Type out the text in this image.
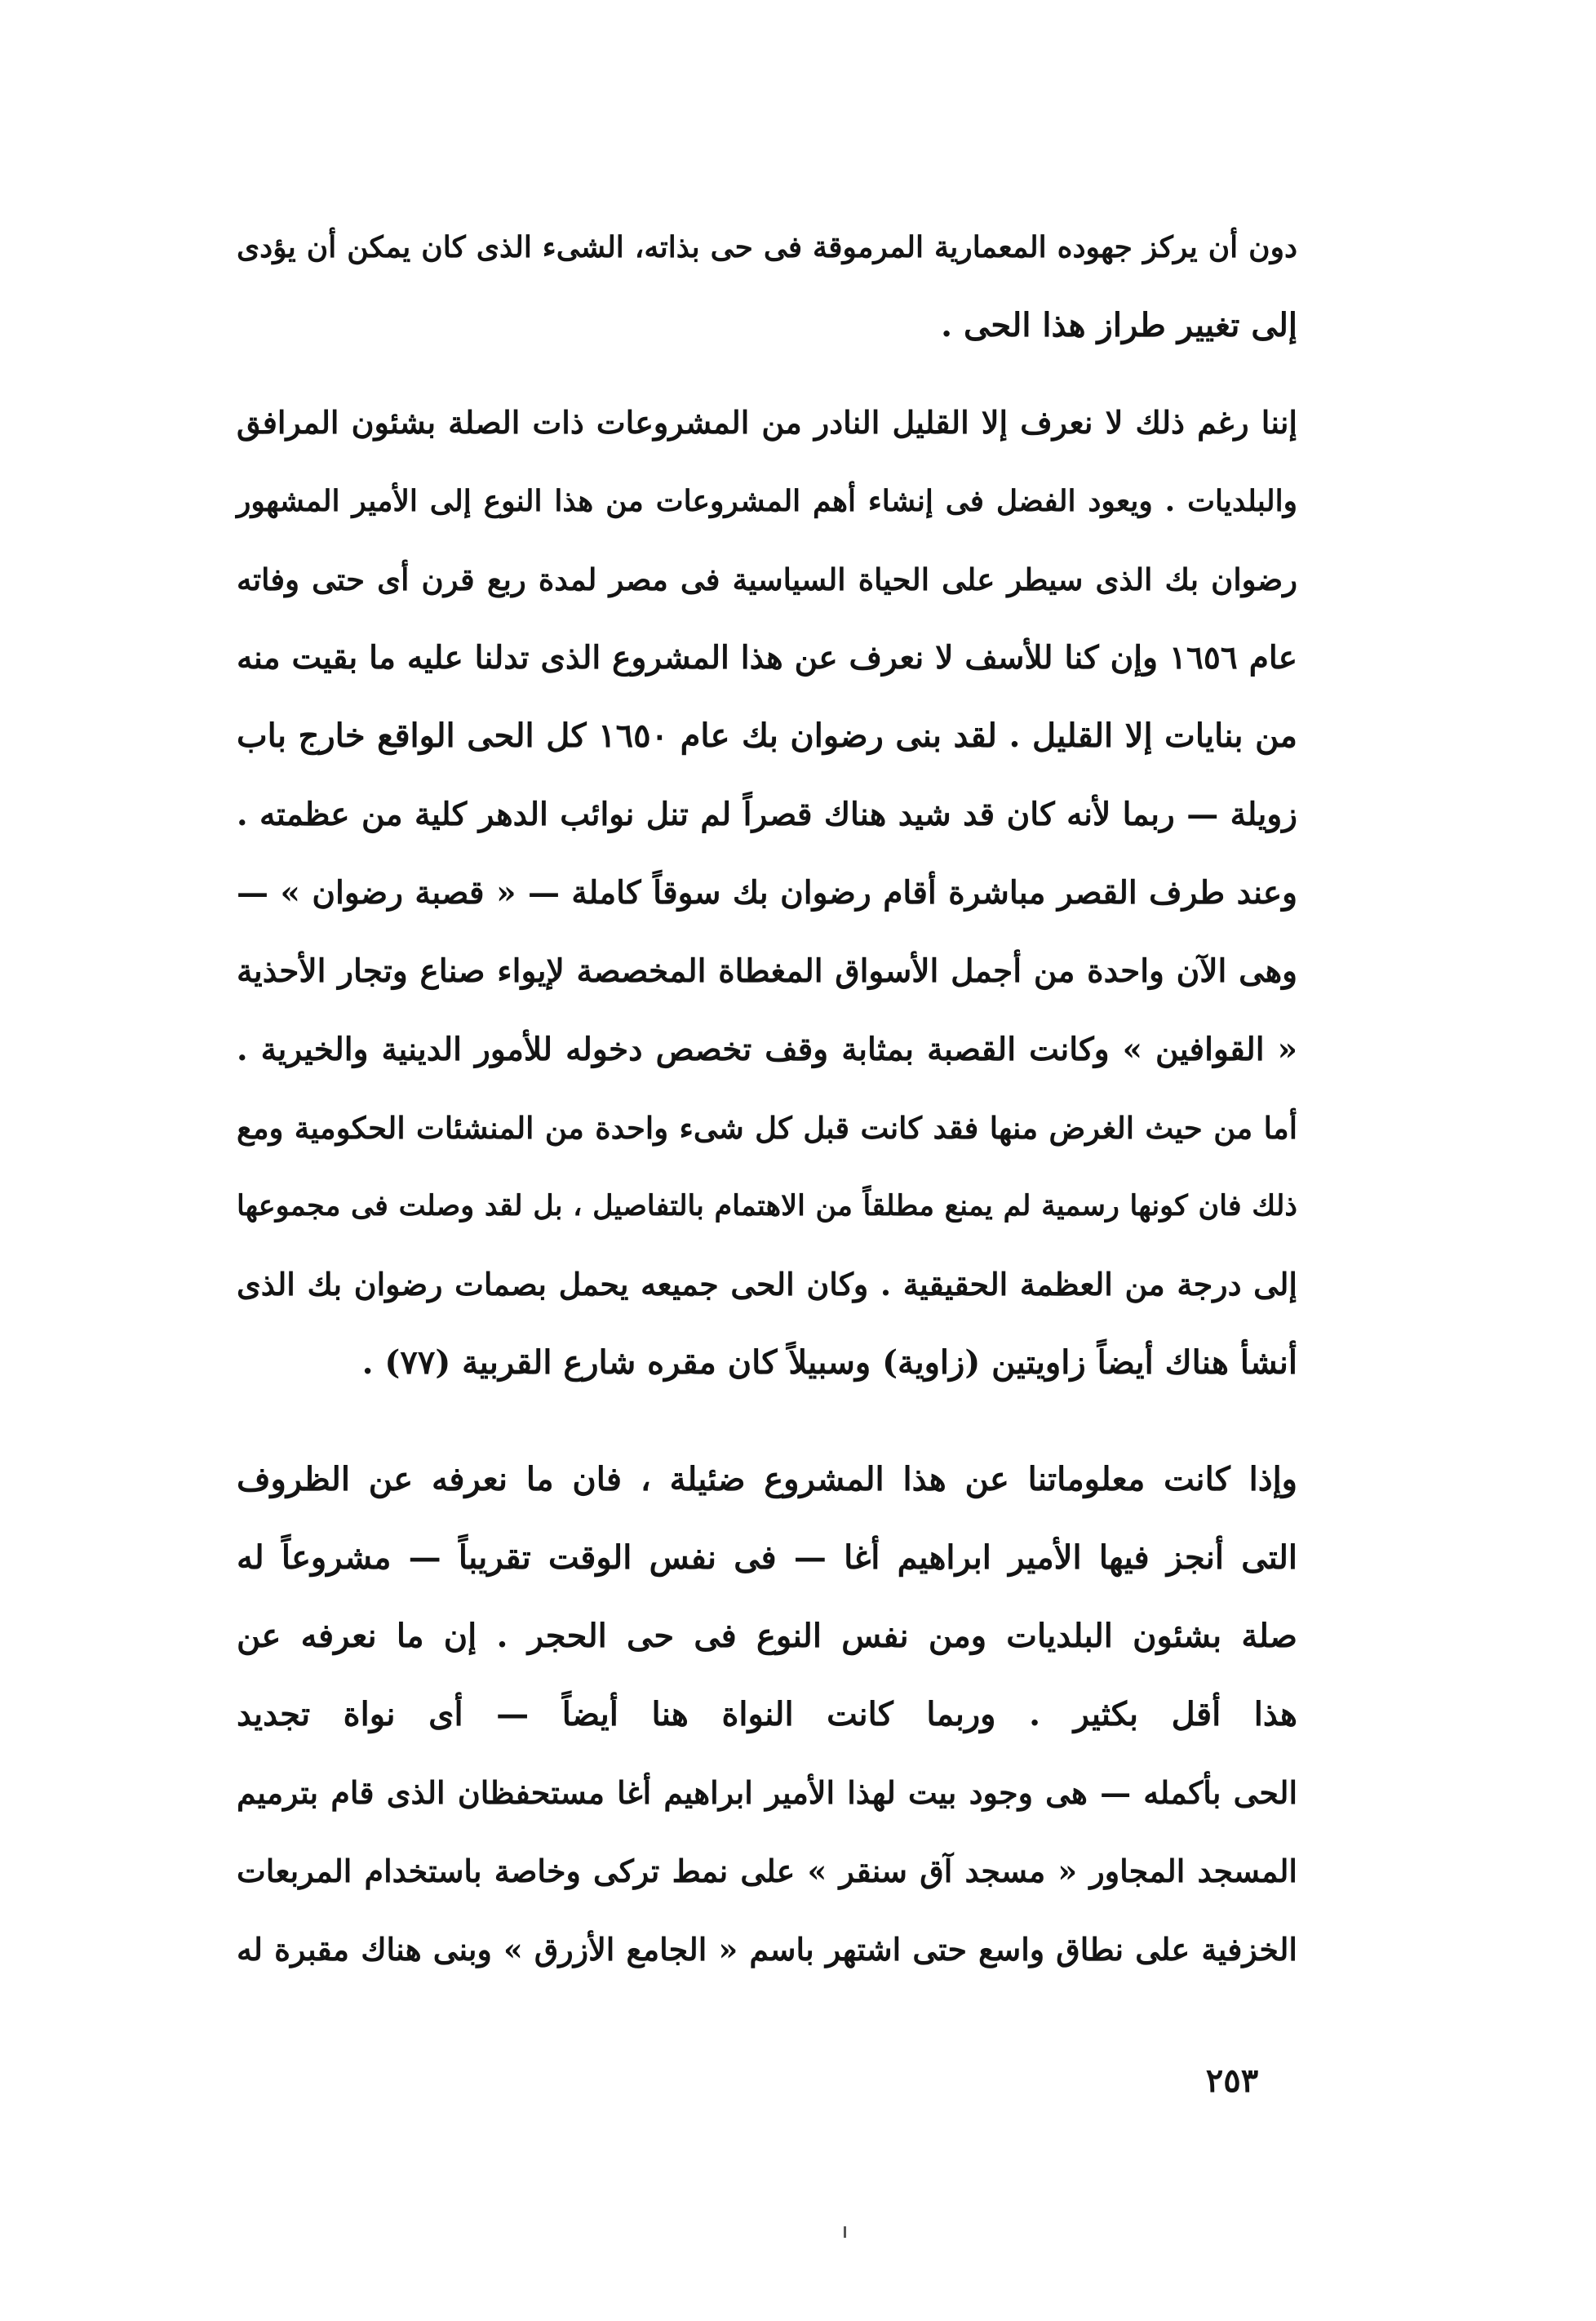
دون أن يركز جهوده المعمارية المرموقة فى حى بذاته، الشىء الذى كان يمكن أن يؤدى
إلى تغيير طراز هذا الحى .
إننا رغم ذلك لا نعرف إلا القليل النادر من المشروعات ذات الصلة بشئون المرافق
والبلديات . ويعود الفضل فى إنشاء أهم المشروعات من هذا النوع إلى الأمير المشهور
رضوان بك الذى سيطر على الحياة السياسية فى مصر لمدة ربع قرن أى حتى وفاته
عام ١٦٥٦ وإن كنا للأسف لا نعرف عن هذا المشروع الذى تدلنا عليه ما بقيت منه
من بنايات إلا القليل . لقد بنى رضوان بك عام ١٦٥٠ كل الحى الواقع خارج باب
زويلة — ربما لأنه كان قد شيد هناك قصراً لم تنل نوائب الدهر كلية من عظمته .
وعند طرف القصر مباشرة أقام رضوان بك سوقاً كاملة — « قصبة رضوان » —
وهى الآن واحدة من أجمل الأسواق المغطاة المخصصة لإيواء صناع وتجار الأحذية
« القوافين » وكانت القصبة بمثابة وقف تخصص دخوله للأمور الدينية والخيرية .
أما من حيث الغرض منها فقد كانت قبل كل شىء واحدة من المنشئات الحكومية ومع
ذلك فان كونها رسمية لم يمنع مطلقاً من الاهتمام بالتفاصيل ، بل لقد وصلت فى مجموعها
إلى درجة من العظمة الحقيقية . وكان الحى جميعه يحمل بصمات رضوان بك الذى
أنشأ هناك أيضاً زاويتين (زاوية) وسبيلاً كان مقره شارع القربية (٧٧) .
وإذا كانت معلوماتنا عن هذا المشروع ضئيلة ، فان ما نعرفه عن الظروف
التى أنجز فيها الأمير ابراهيم أغا — فى نفس الوقت تقريباً — مشروعاً له
صلة بشئون البلديات ومن نفس النوع فى حى الحجر . إن ما نعرفه عن
هذا أقل بكثير . وربما كانت النواة هنا أيضاً — أى نواة تجديد
الحى بأكمله — هى وجود بيت لهذا الأمير ابراهيم أغا مستحفظان الذى قام بترميم
المسجد المجاور « مسجد آق سنقر » على نمط تركى وخاصة باستخدام المربعات
الخزفية على نطاق واسع حتى اشتهر باسم « الجامع الأزرق » وبنى هناك مقبرة له
٢٥٣
